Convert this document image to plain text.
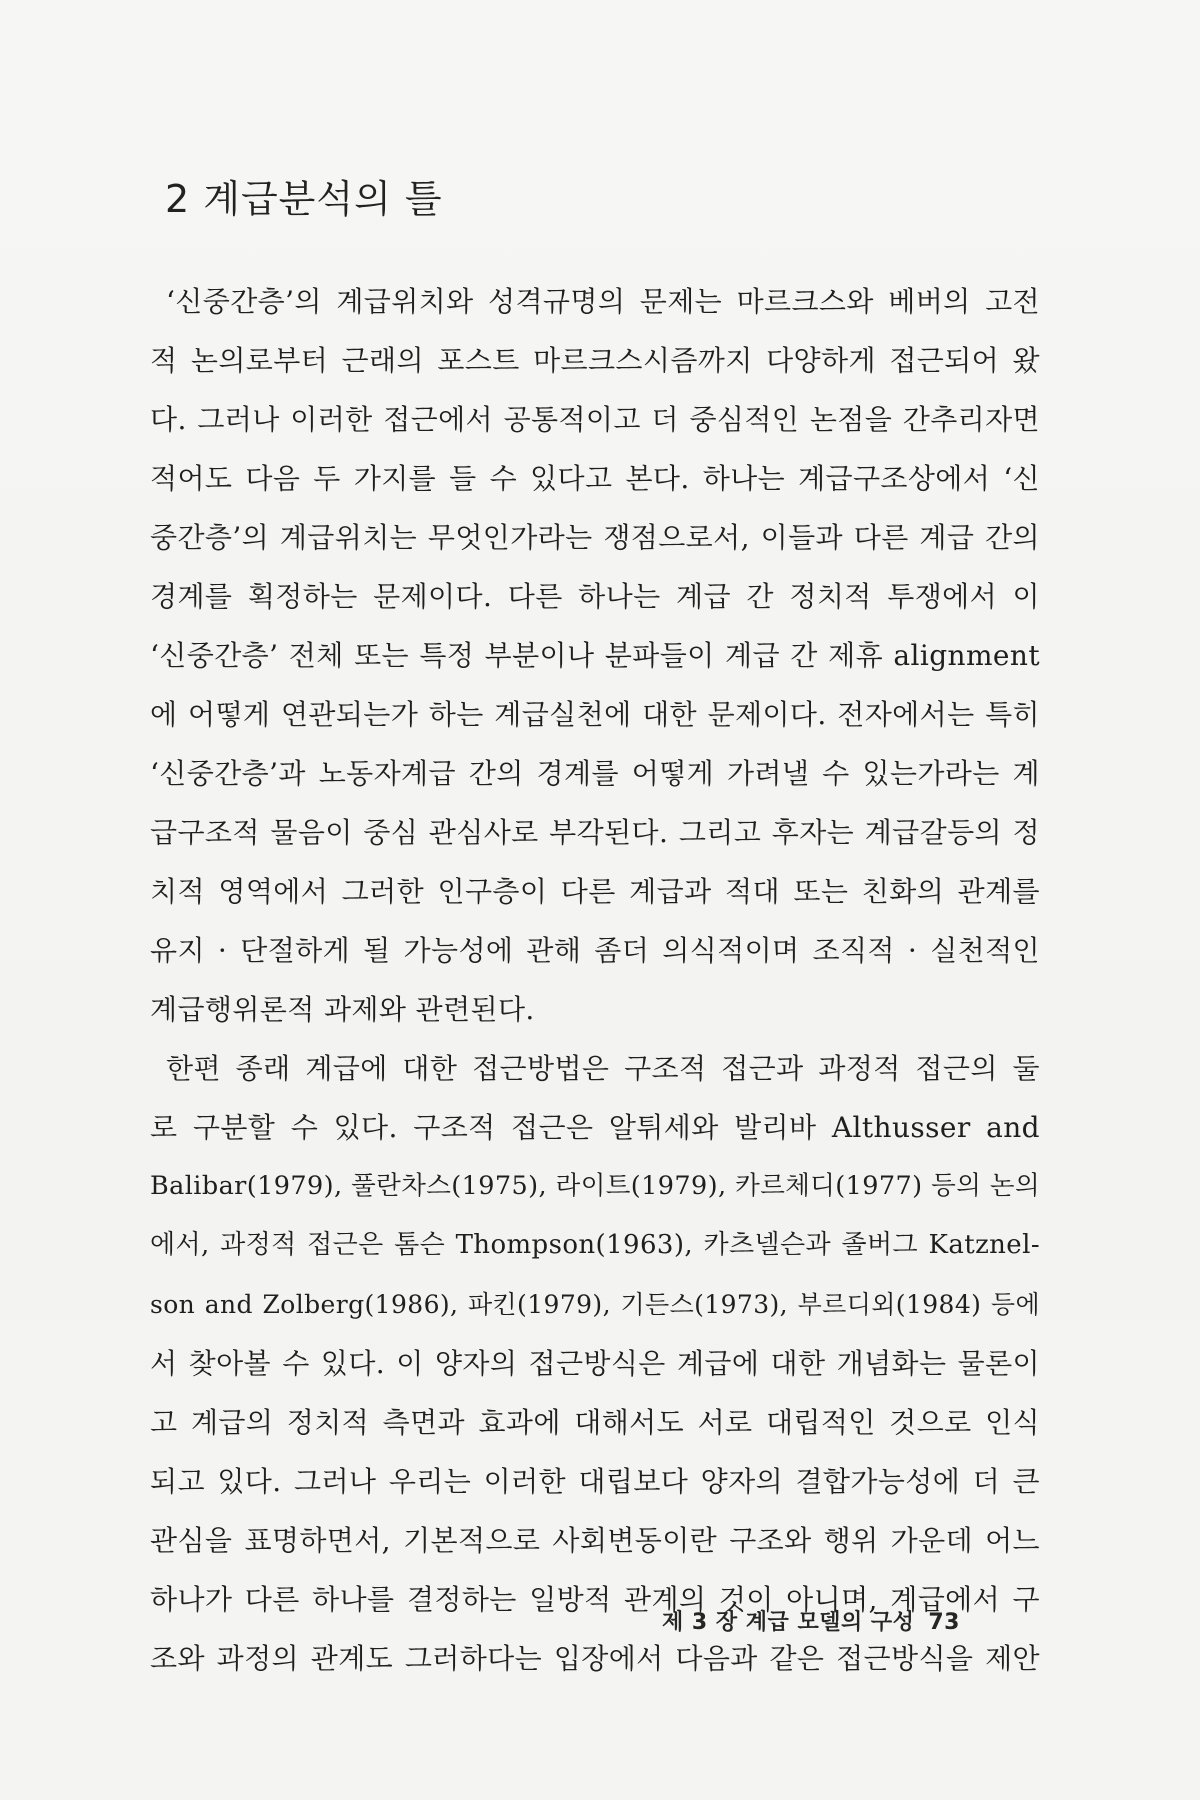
2 계급분석의 틀
‘신중간층’의 계급위치와 성격규명의 문제는 마르크스와 베버의 고전
적 논의로부터 근래의 포스트 마르크스시즘까지 다양하게 접근되어 왔
다. 그러나 이러한 접근에서 공통적이고 더 중심적인 논점을 간추리자면
적어도 다음 두 가지를 들 수 있다고 본다. 하나는 계급구조상에서 ‘신
중간층’의 계급위치는 무엇인가라는 쟁점으로서, 이들과 다른 계급 간의
경계를 획정하는 문제이다. 다른 하나는 계급 간 정치적 투쟁에서 이
‘신중간층’ 전체 또는 특정 부분이나 분파들이 계급 간 제휴 alignment
에 어떻게 연관되는가 하는 계급실천에 대한 문제이다. 전자에서는 특히
‘신중간층’과 노동자계급 간의 경계를 어떻게 가려낼 수 있는가라는 계
급구조적 물음이 중심 관심사로 부각된다. 그리고 후자는 계급갈등의 정
치적 영역에서 그러한 인구층이 다른 계급과 적대 또는 친화의 관계를
유지 · 단절하게 될 가능성에 관해 좀더 의식적이며 조직적 · 실천적인
계급행위론적 과제와 관련된다.
한편 종래 계급에 대한 접근방법은 구조적 접근과 과정적 접근의 둘
로 구분할 수 있다. 구조적 접근은 알튀세와 발리바 Althusser and
Balibar(1979), 풀란차스(1975), 라이트(1979), 카르체디(1977) 등의 논의
에서, 과정적 접근은 톰슨 Thompson(1963), 카츠넬슨과 졸버그 Katznel-
son and Zolberg(1986), 파킨(1979), 기든스(1973), 부르디외(1984) 등에
서 찾아볼 수 있다. 이 양자의 접근방식은 계급에 대한 개념화는 물론이
고 계급의 정치적 측면과 효과에 대해서도 서로 대립적인 것으로 인식
되고 있다. 그러나 우리는 이러한 대립보다 양자의 결합가능성에 더 큰
관심을 표명하면서, 기본적으로 사회변동이란 구조와 행위 가운데 어느
하나가 다른 하나를 결정하는 일방적 관계의 것이 아니며, 계급에서 구
조와 과정의 관계도 그러하다는 입장에서 다음과 같은 접근방식을 제안
제 3 장 계급 모델의 구성 73
